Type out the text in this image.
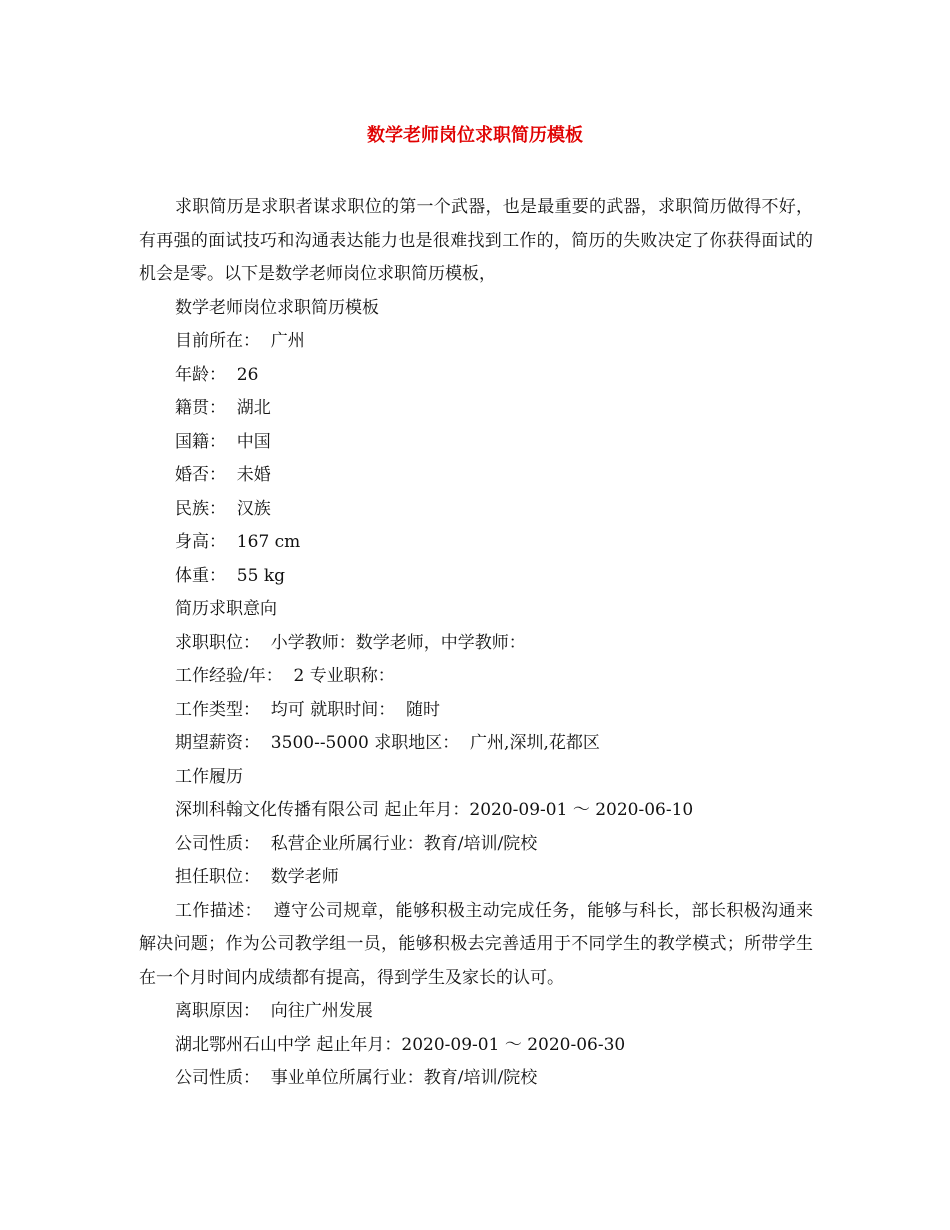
数学老师岗位求职简历模板

求职简历是求职者谋求职位的第一个武器，也是最重要的武器，求职简历做得不好，有再强的面试技巧和沟通表达能力也是很难找到工作的，简历的失败决定了你获得面试的机会是零。以下是数学老师岗位求职简历模板，

数学老师岗位求职简历模板

目前所在：  广州

年龄：  26

籍贯：  湖北

国籍：  中国

婚否：  未婚

民族：  汉族

身高：  167 cm

体重：  55 kg

简历求职意向

求职职位：  小学教师：数学老师，中学教师：

工作经验/年：  2 专业职称：

工作类型：  均可 就职时间：  随时

期望薪资：  3500--5000 求职地区：  广州,深圳,花都区

工作履历

深圳科翰文化传播有限公司 起止年月：2020-09-01 ～ 2020-06-10

公司性质：  私营企业所属行业：教育/培训/院校

担任职位：  数学老师

工作描述：  遵守公司规章，能够积极主动完成任务，能够与科长，部长积极沟通来解决问题；作为公司教学组一员，能够积极去完善适用于不同学生的教学模式；所带学生在一个月时间内成绩都有提高，得到学生及家长的认可。

离职原因：  向往广州发展

湖北鄂州石山中学 起止年月：2020-09-01 ～ 2020-06-30

公司性质：  事业单位所属行业：教育/培训/院校
